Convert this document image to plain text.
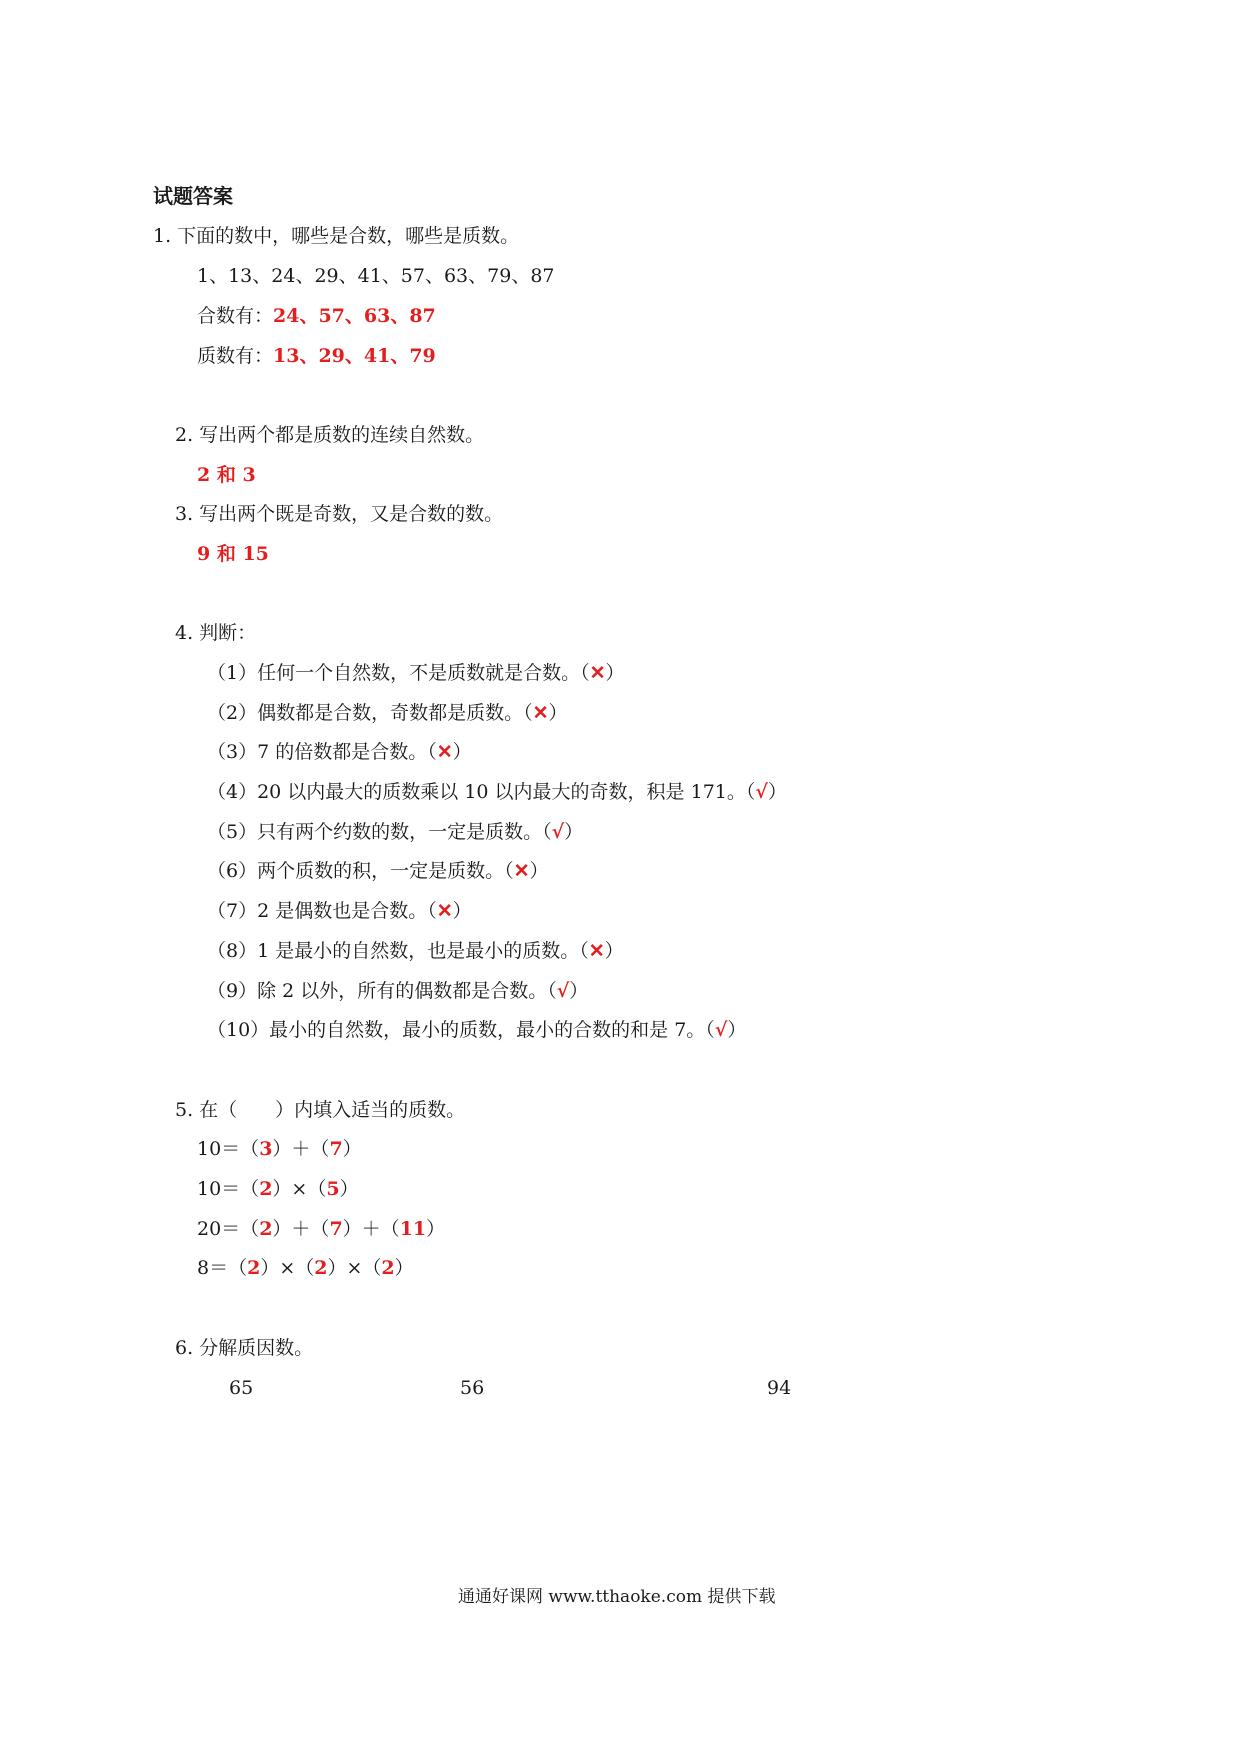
试题答案
1. 下面的数中，哪些是合数，哪些是质数。
1、13、24、29、41、57、63、79、87
合数有：24、57、63、87
质数有：13、29、41、79
2. 写出两个都是质数的连续自然数。
2 和 3
3. 写出两个既是奇数，又是合数的数。
9 和 15
4. 判断：
（1）任何一个自然数，不是质数就是合数。（✕）
（2）偶数都是合数，奇数都是质数。（✕）
（3）7 的倍数都是合数。（✕）
（4）20 以内最大的质数乘以 10 以内最大的奇数，积是 171。（√）
（5）只有两个约数的数，一定是质数。（√）
（6）两个质数的积，一定是质数。（✕）
（7）2 是偶数也是合数。（✕）
（8）1 是最小的自然数，也是最小的质数。（✕）
（9）除 2 以外，所有的偶数都是合数。（√）
（10）最小的自然数，最小的质数，最小的合数的和是 7。（√）
5. 在（　　）内填入适当的质数。
10＝（3）＋（7）
10＝（2）×（5）
20＝（2）＋（7）＋（11）
8＝（2）×（2）×（2）
6. 分解质因数。
65	56	94
通通好课网 www.tthaoke.com 提供下载
